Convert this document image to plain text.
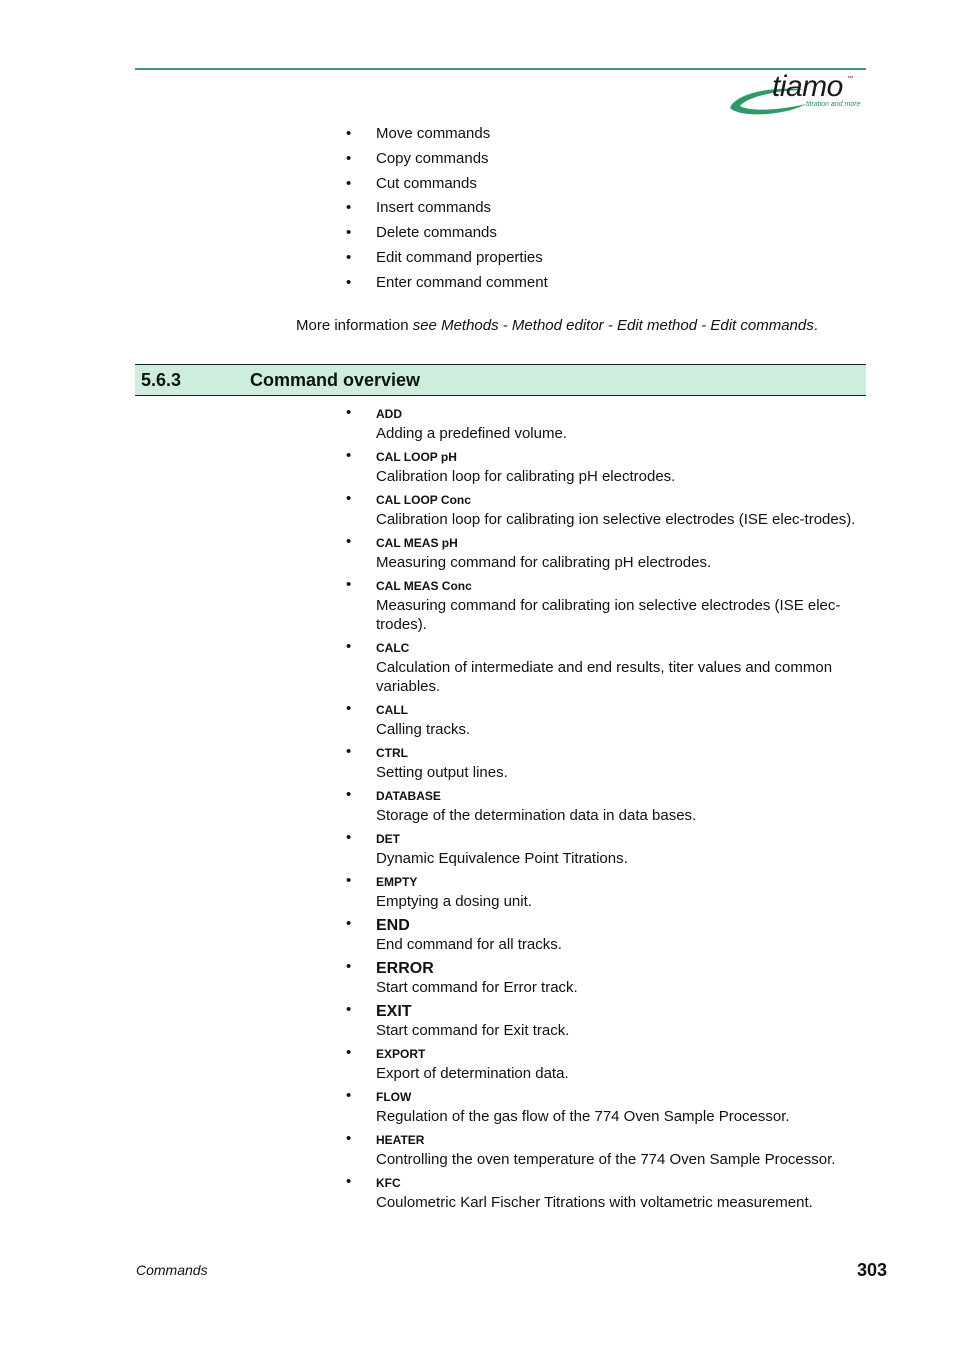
tiamo ™
titration and more
• Move commands
• Copy commands
• Cut commands
• Insert commands
• Delete commands
• Edit command properties
• Enter command comment
More information see Methods - Method editor - Edit method - Edit commands.
5.6.3	Command overview
• ADD
Adding a predefined volume.
• CAL LOOP pH
Calibration loop for calibrating pH electrodes.
• CAL LOOP Conc
Calibration loop for calibrating ion selective electrodes (ISE elec-trodes).
• CAL MEAS pH
Measuring command for calibrating pH electrodes.
• CAL MEAS Conc
Measuring command for calibrating ion selective electrodes (ISE elec-trodes).
• CALC
Calculation of intermediate and end results, titer values and common variables.
• CALL
Calling tracks.
• CTRL
Setting output lines.
• DATABASE
Storage of the determination data in data bases.
• DET
Dynamic Equivalence Point Titrations.
• EMPTY
Emptying a dosing unit.
• END
End command for all tracks.
• ERROR
Start command for Error track.
• EXIT
Start command for Exit track.
• EXPORT
Export of determination data.
• FLOW
Regulation of the gas flow of the 774 Oven Sample Processor.
• HEATER
Controlling the oven temperature of the 774 Oven Sample Processor.
• KFC
Coulometric Karl Fischer Titrations with voltametric measurement.
Commands	303
